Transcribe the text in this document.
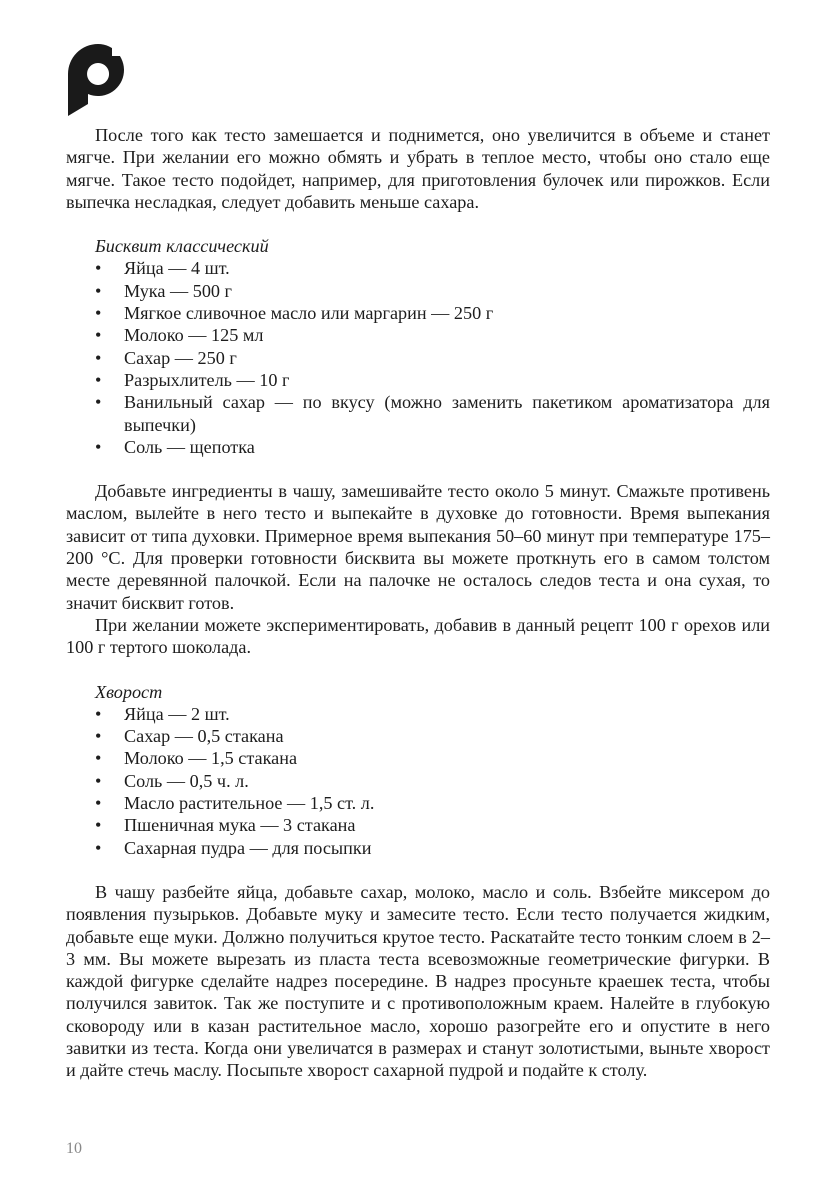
После того как тесто замешается и поднимется, оно увеличится в объеме и станет мягче. При желании его можно обмять и убрать в теплое место, чтобы оно стало еще мягче. Такое тесто подойдет, например, для приготовления булочек или пирожков. Если выпечка несладкая, следует добавить меньше сахара.

Бисквит классический

• Яйца — 4 шт.
• Мука — 500 г
• Мягкое сливочное масло или маргарин — 250 г
• Молоко — 125 мл
• Сахар — 250 г
• Разрыхлитель — 10 г
• Ванильный сахар — по вкусу (можно заменить пакетиком ароматизатора для выпечки)
• Соль — щепотка

Добавьте ингредиенты в чашу, замешивайте тесто около 5 минут. Смажьте противень маслом, вылейте в него тесто и выпекайте в духовке до готовности. Время выпекания зависит от типа духовки. Примерное время выпекания 50–60 минут при температуре 175–200 °C. Для проверки готовности бисквита вы можете проткнуть его в самом толстом месте деревянной палочкой. Если на палочке не осталось следов теста и она сухая, то значит бисквит готов.

При желании можете экспериментировать, добавив в данный рецепт 100 г орехов или 100 г тертого шоколада.

Хворост

• Яйца — 2 шт.
• Сахар — 0,5 стакана
• Молоко — 1,5 стакана
• Соль — 0,5 ч. л.
• Масло растительное — 1,5 ст. л.
• Пшеничная мука — 3 стакана
• Сахарная пудра — для посыпки

В чашу разбейте яйца, добавьте сахар, молоко, масло и соль. Взбейте миксером до появления пузырьков. Добавьте муку и замесите тесто. Если тесто получается жидким, добавьте еще муки. Должно получиться крутое тесто. Раскатайте тесто тонким слоем в 2–3 мм. Вы можете вырезать из пласта теста всевозможные геометрические фигурки. В каждой фигурке сделайте надрез посередине. В надрез просуньте краешек теста, чтобы получился завиток. Так же поступите и с противоположным краем. Налейте в глубокую сковороду или в казан растительное масло, хорошо разогрейте его и опустите в него завитки из теста. Когда они увеличатся в размерах и станут золотистыми, выньте хворост и дайте стечь маслу. Посыпьте хворост сахарной пудрой и подайте к столу.

10
